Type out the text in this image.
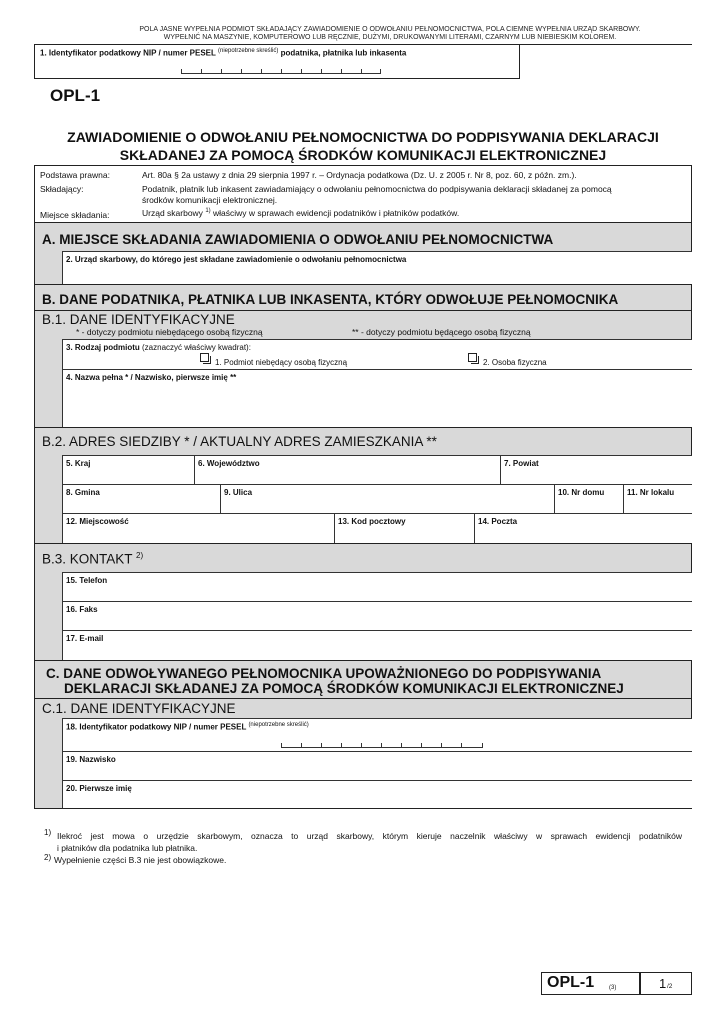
POLA JASNE WYPEŁNIA PODMIOT SKŁADAJĄCY ZAWIADOMIENIE O ODWOŁANIU PEŁNOMOCNICTWA, POLA CIEMNE WYPEŁNIA URZĄD SKARBOWY.
WYPEŁNIĆ NA MASZYNIE, KOMPUTEROWO LUB RĘCZNIE, DUŻYMI, DRUKOWANYMI LITERAMI, CZARNYM LUB NIEBIESKIM KOLOREM.
1. Identyfikator podatkowy NIP / numer PESEL $^{(niepotrzebne skreślić)}$ podatnika, płatnika lub inkasenta
OPL-1
ZAWIADOMIENIE O ODWOŁANIU PEŁNOMOCNICTWA DO PODPISYWANIA DEKLARACJI
SKŁADANEJ ZA POMOCĄ ŚRODKÓW KOMUNIKACJI ELEKTRONICZNEJ
Podstawa prawna:	Art. 80a § 2a ustawy z dnia 29 sierpnia 1997 r. – Ordynacja podatkowa (Dz. U. z 2005 r. Nr 8, poz. 60, z późn. zm.).
Składający:	Podatnik, płatnik lub inkasent zawiadamiający o odwołaniu pełnomocnictwa do podpisywania deklaracji składanej za pomocą
środków komunikacji elektronicznej.
Miejsce składania:	Urząd skarbowy $^{1)}$ właściwy w sprawach ewidencji podatników i płatników podatków.
A. MIEJSCE SKŁADANIA ZAWIADOMIENIA O ODWOŁANIU PEŁNOMOCNICTWA
2. Urząd skarbowy, do którego jest składane zawiadomienie o odwołaniu pełnomocnictwa
B. DANE PODATNIKA, PŁATNIKA LUB INKASENTA, KTÓRY ODWOŁUJE PEŁNOMOCNIKA
B.1. DANE IDENTYFIKACYJNE
* - dotyczy podmiotu niebędącego osobą fizyczną	** - dotyczy podmiotu będącego osobą fizyczną
3. Rodzaj podmiotu (zaznaczyć właściwy kwadrat):
1. Podmiot niebędący osobą fizyczną	2. Osoba fizyczna
4. Nazwa pełna * / Nazwisko, pierwsze imię **
B.2. ADRES SIEDZIBY * / AKTUALNY ADRES ZAMIESZKANIA **
5. Kraj	6. Województwo	7. Powiat
8. Gmina	9. Ulica	10. Nr domu	11. Nr lokalu
12. Miejscowość	13. Kod pocztowy	14. Poczta
B.3. KONTAKT $^{2)}$
15. Telefon
16. Faks
17. E-mail
C. DANE ODWOŁYWANEGO PEŁNOMOCNIKA UPOWAŻNIONEGO DO PODPISYWANIA
DEKLARACJI SKŁADANEJ ZA POMOCĄ ŚRODKÓW KOMUNIKACJI ELEKTRONICZNEJ
C.1. DANE IDENTYFIKACYJNE
18. Identyfikator podatkowy NIP / numer PESEL $^{(niepotrzebne skreślić)}$
19. Nazwisko
20. Pierwsze imię
1) Ilekroć jest mowa o urzędzie skarbowym, oznacza to urząd skarbowy, którym kieruje naczelnik właściwy w sprawach ewidencji podatników
i płatników dla podatnika lub płatnika.
2) Wypełnienie części B.3 nie jest obowiązkowe.
OPL-1 (3)	1 /2
